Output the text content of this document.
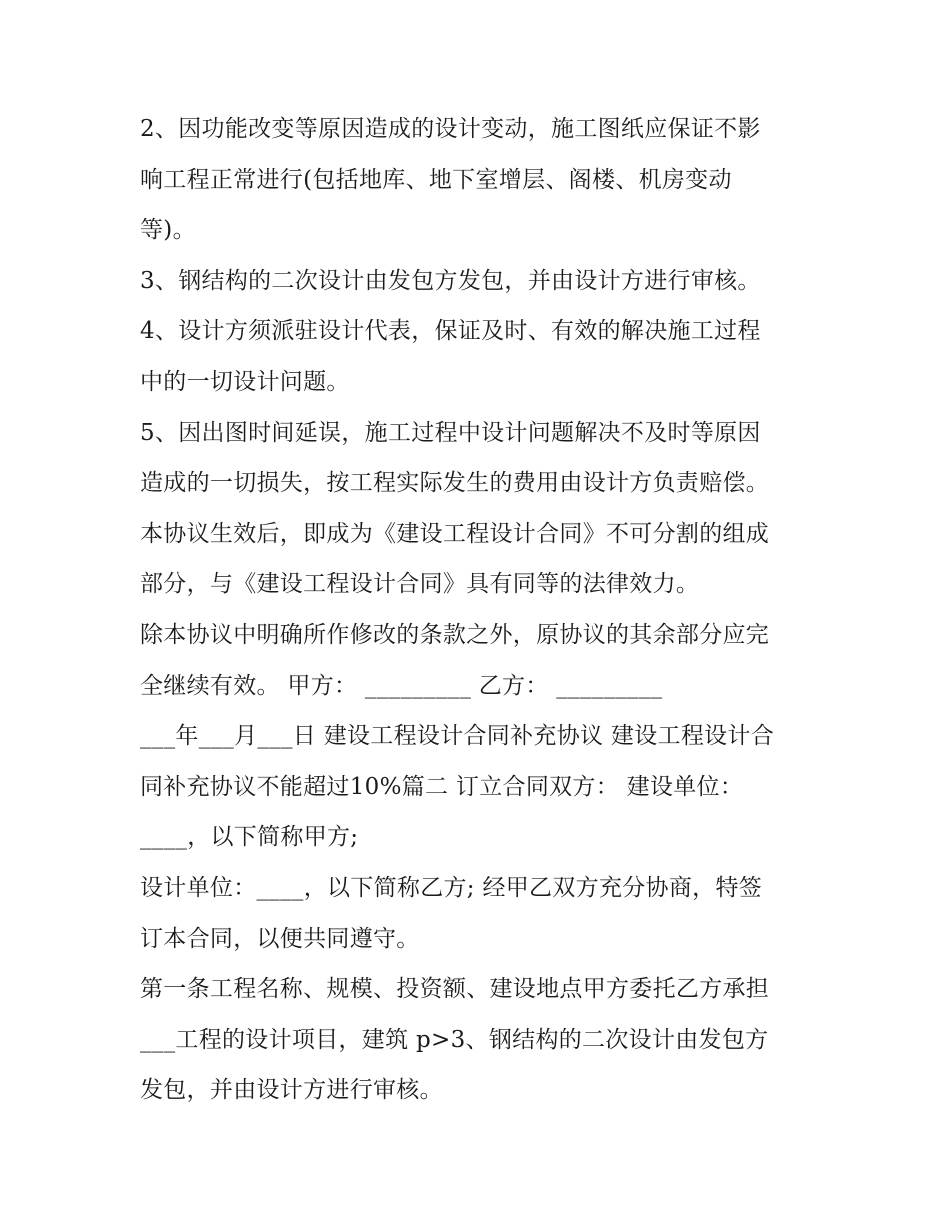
2、因功能改变等原因造成的设计变动，施工图纸应保证不影
响工程正常进行(包括地库、地下室增层、阁楼、机房变动
等)。
3、钢结构的二次设计由发包方发包，并由设计方进行审核。
4、设计方须派驻设计代表，保证及时、有效的解决施工过程
中的一切设计问题。
5、因出图时间延误，施工过程中设计问题解决不及时等原因
造成的一切损失，按工程实际发生的费用由设计方负责赔偿。
本协议生效后，即成为《建设工程设计合同》不可分割的组成
部分，与《建设工程设计合同》具有同等的法律效力。
除本协议中明确所作修改的条款之外，原协议的其余部分应完
全继续有效。 甲方： _________ 乙方： _________
___年___月___日 建设工程设计合同补充协议 建设工程设计合
同补充协议不能超过10%篇二 订立合同双方： 建设单位：
____，以下简称甲方;
设计单位：____，以下简称乙方; 经甲乙双方充分协商，特签
订本合同，以便共同遵守。
第一条工程名称、规模、投资额、建设地点甲方委托乙方承担
___工程的设计项目，建筑 p>3、钢结构的二次设计由发包方
发包，并由设计方进行审核。
